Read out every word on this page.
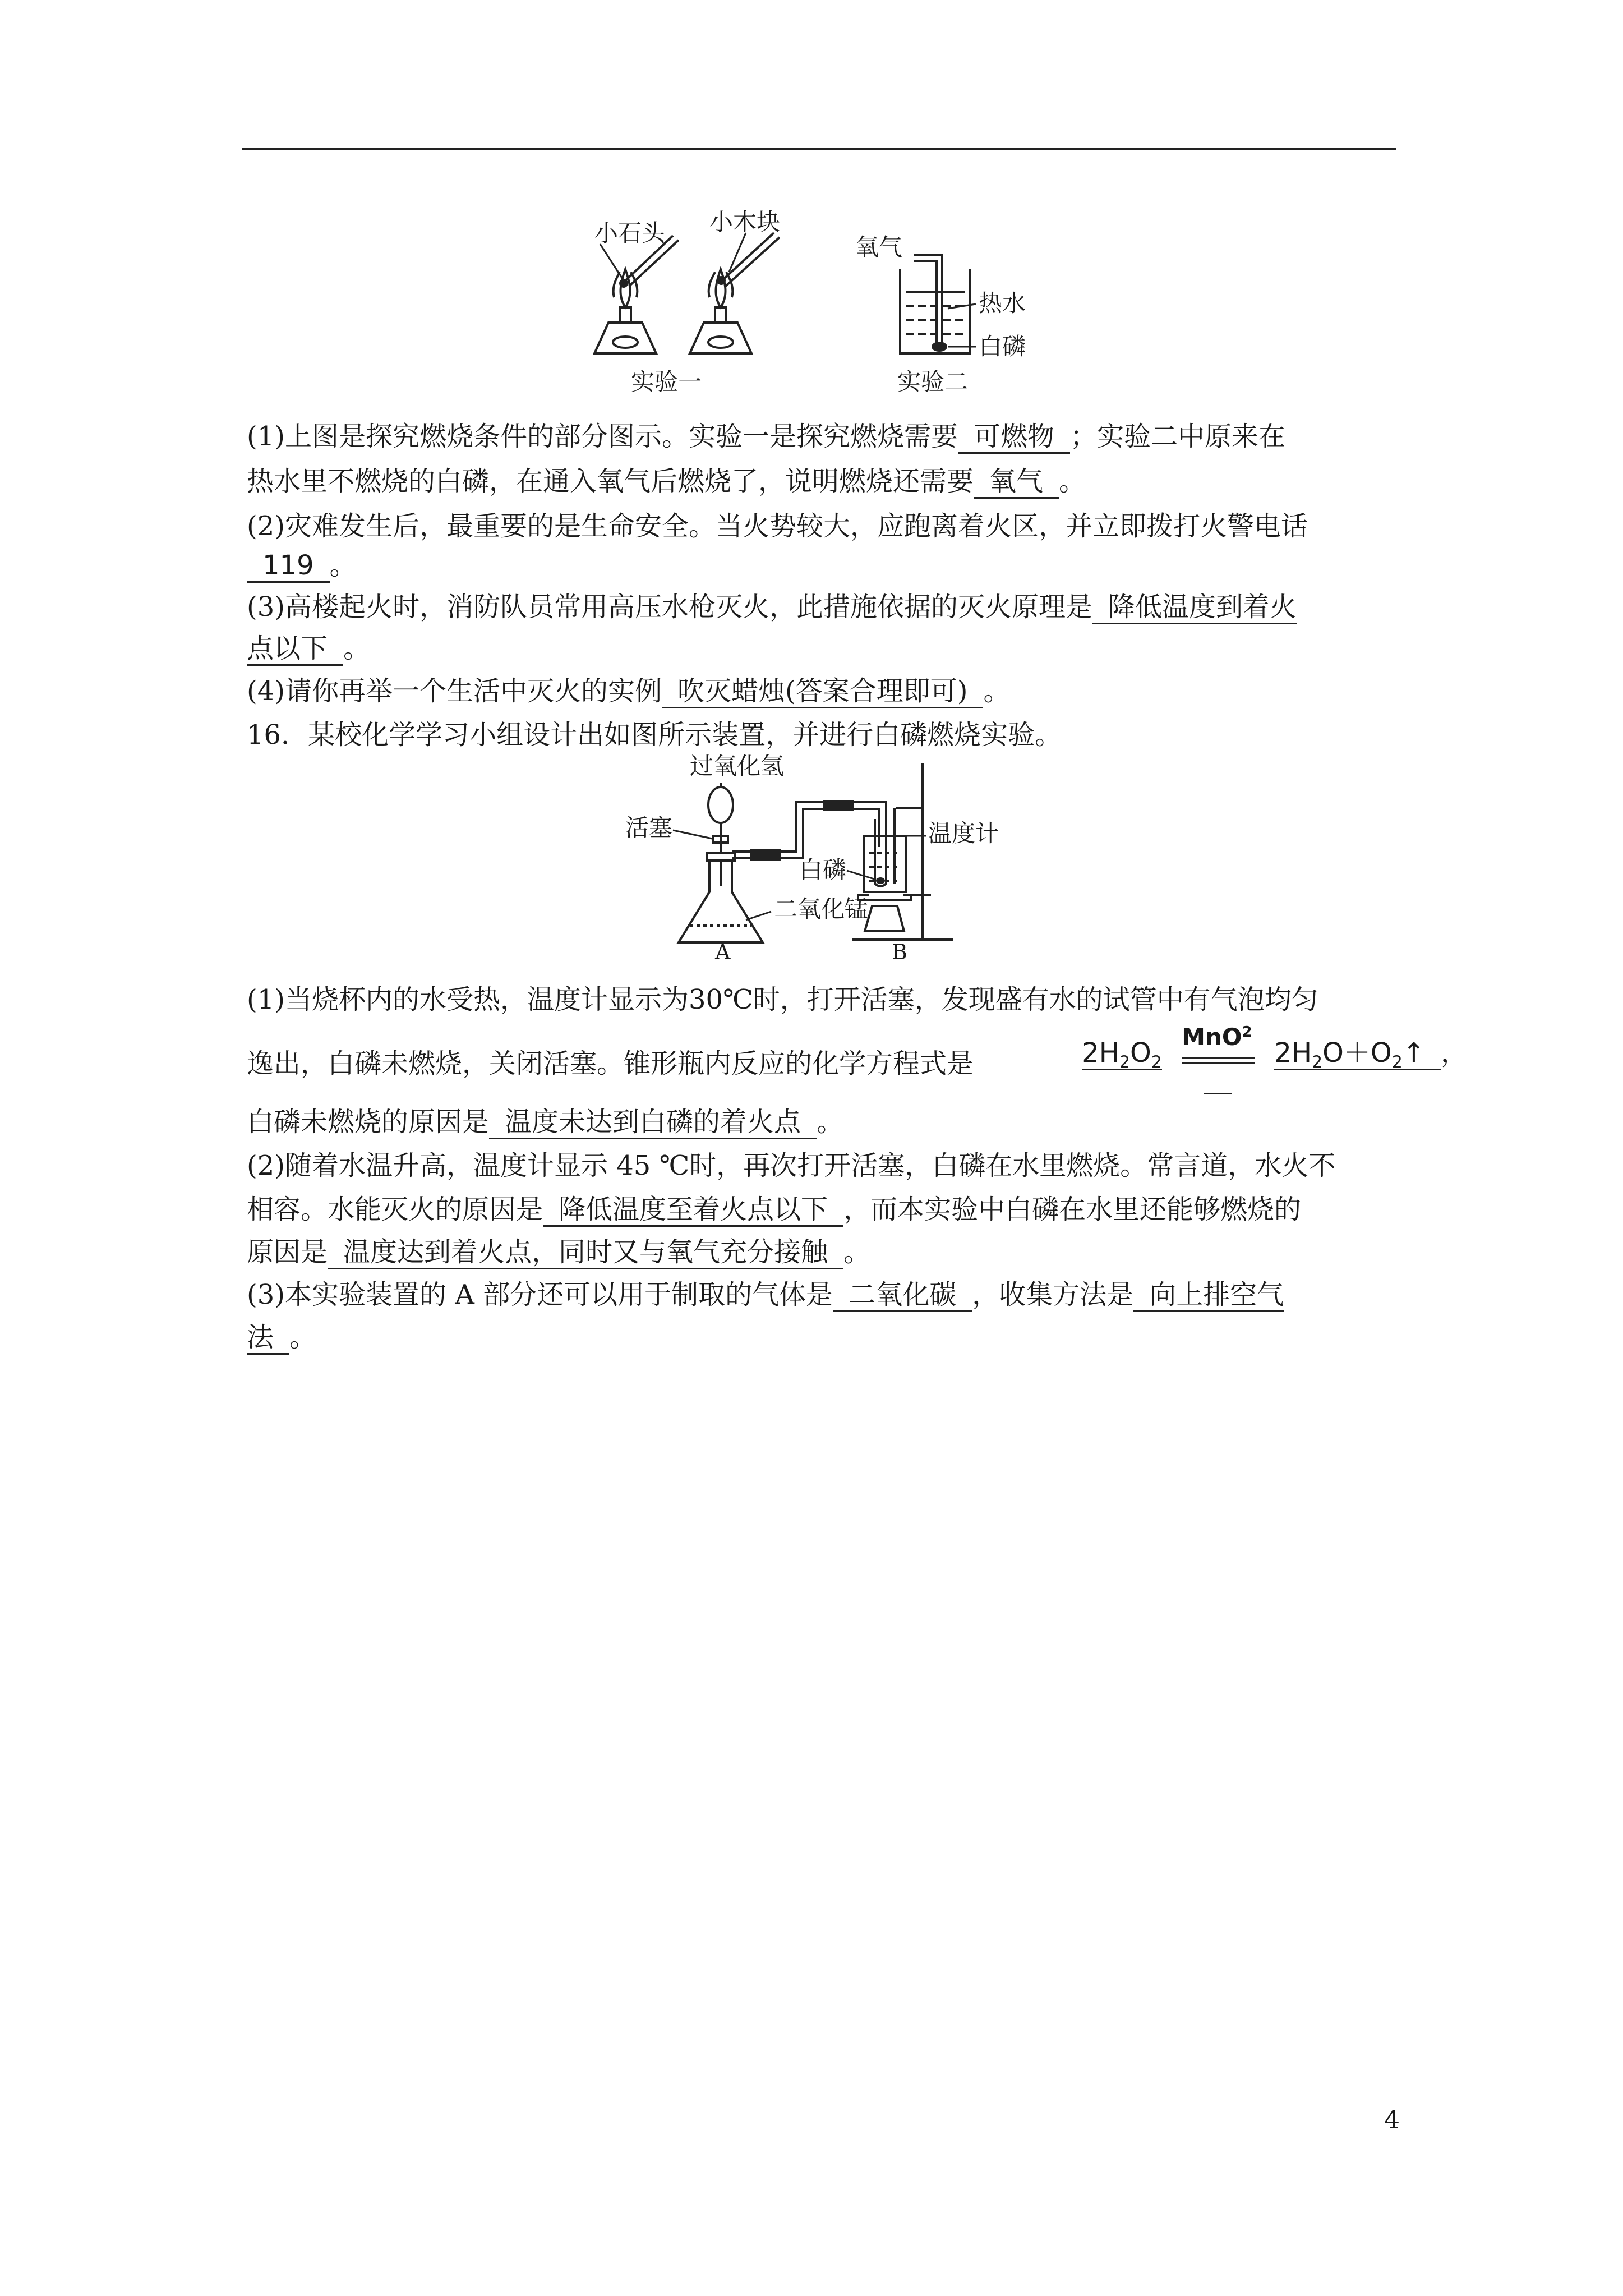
小石头 小木块
实验一
氧气
热水
白磷
实验二
(1)上图是探究燃烧条件的部分图示。实验一是探究燃烧需要 可燃物 ；实验二中原来在
热水里不燃烧的白磷，在通入氧气后燃烧了，说明燃烧还需要 氧气 。
(2)灾难发生后，最重要的是生命安全。当火势较大，应跑离着火区，并立即拨打火警电话
119 。
(3)高楼起火时，消防队员常用高压水枪灭火，此措施依据的灭火原理是 降低温度到着火
点以下 。
(4)请你再举一个生活中灭火的实例 吹灭蜡烛(答案合理即可) 。
16．某校化学学习小组设计出如图所示装置，并进行白磷燃烧实验。
过氧化氢
活塞	温度计
白磷
二氧化锰
A	B
(1)当烧杯内的水受热，温度计显示为30℃时，打开活塞，发现盛有水的试管中有气泡均匀
逸出，白磷未燃烧，关闭活塞。锥形瓶内反应的化学方程式是	$2H_2O_2$
MnO$^2$
$2H_2O+O_2↑$ ，
白磷未燃烧的原因是 温度未达到白磷的着火点 。
(2)随着水温升高，温度计显示 45 ℃时，再次打开活塞，白磷在水里燃烧。常言道，水火不
相容。水能灭火的原因是 降低温度至着火点以下 ，而本实验中白磷在水里还能够燃烧的
原因是 温度达到着火点，同时又与氧气充分接触 。
(3)本实验装置的 A 部分还可以用于制取的气体是 二氧化碳 ，收集方法是 向上排空气
法 。
4
